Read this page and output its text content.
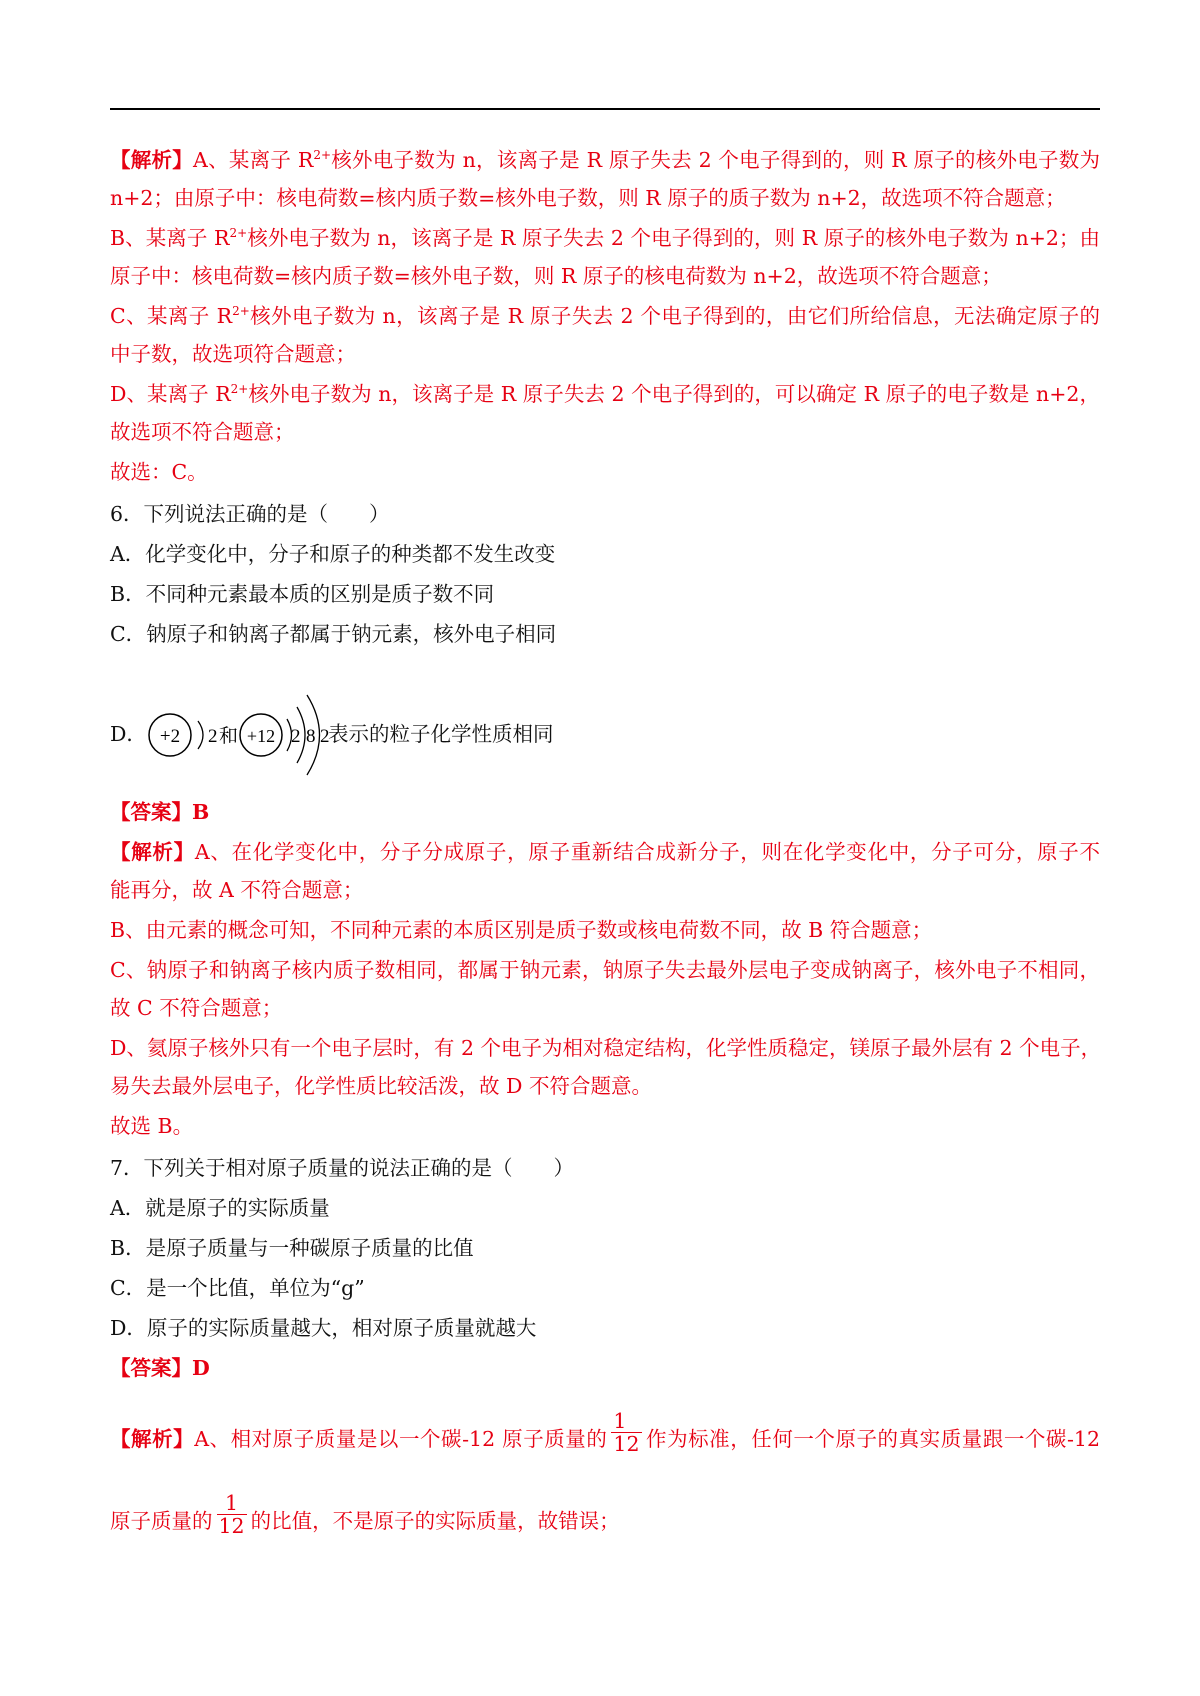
【解析】A、某离子 $R^{2+}$核外电子数为 n，该离子是 R 原子失去 2 个电子得到的，则 R 原子的核外电子数为
n+2；由原子中：核电荷数=核内质子数=核外电子数，则 R 原子的质子数为 n+2，故选项不符合题意；
B、某离子 $R^{2+}$核外电子数为 n，该离子是 R 原子失去 2 个电子得到的，则 R 原子的核外电子数为 n+2；由
原子中：核电荷数=核内质子数=核外电子数，则 R 原子的核电荷数为 n+2，故选项不符合题意；
C、某离子 $R^{2+}$核外电子数为 n，该离子是 R 原子失去 2 个电子得到的，由它们所给信息，无法确定原子的
中子数，故选项符合题意；
D、某离子 $R^{2+}$核外电子数为 n，该离子是 R 原子失去 2 个电子得到的，可以确定 R 原子的电子数是 n+2，
故选项不符合题意；
故选：C。
6．下列说法正确的是（　　）
A．化学变化中，分子和原子的种类都不发生改变
B．不同种元素最本质的区别是质子数不同
C．钠原子和钠离子都属于钠元素，核外电子相同
D． +2 2 和 +12 2 8 2
表示的粒子化学性质相同
【答案】B
【解析】A、在化学变化中，分子分成原子，原子重新结合成新分子，则在化学变化中，分子可分，原子不
能再分，故 A 不符合题意；
B、由元素的概念可知，不同种元素的本质区别是质子数或核电荷数不同，故 B 符合题意；
C、钠原子和钠离子核内质子数相同，都属于钠元素，钠原子失去最外层电子变成钠离子，核外电子不相同，
故 C 不符合题意；
D、氦原子核外只有一个电子层时，有 2 个电子为相对稳定结构，化学性质稳定，镁原子最外层有 2 个电子，
易失去最外层电子，化学性质比较活泼，故 D 不符合题意。
故选 B。
7．下列关于相对原子质量的说法正确的是（　　）
A．就是原子的实际质量
B．是原子质量与一种碳原子质量的比值
C．是一个比值，单位为“g”
D．原子的实际质量越大，相对原子质量就越大
【答案】D
【解析】A、相对原子质量是以一个碳-12 原子质量的 $\frac{1}{12}$ 作为标准，任何一个原子的真实质量跟一个碳-12
原子质量的 $\frac{1}{12}$ 的比值，不是原子的实际质量，故错误；
